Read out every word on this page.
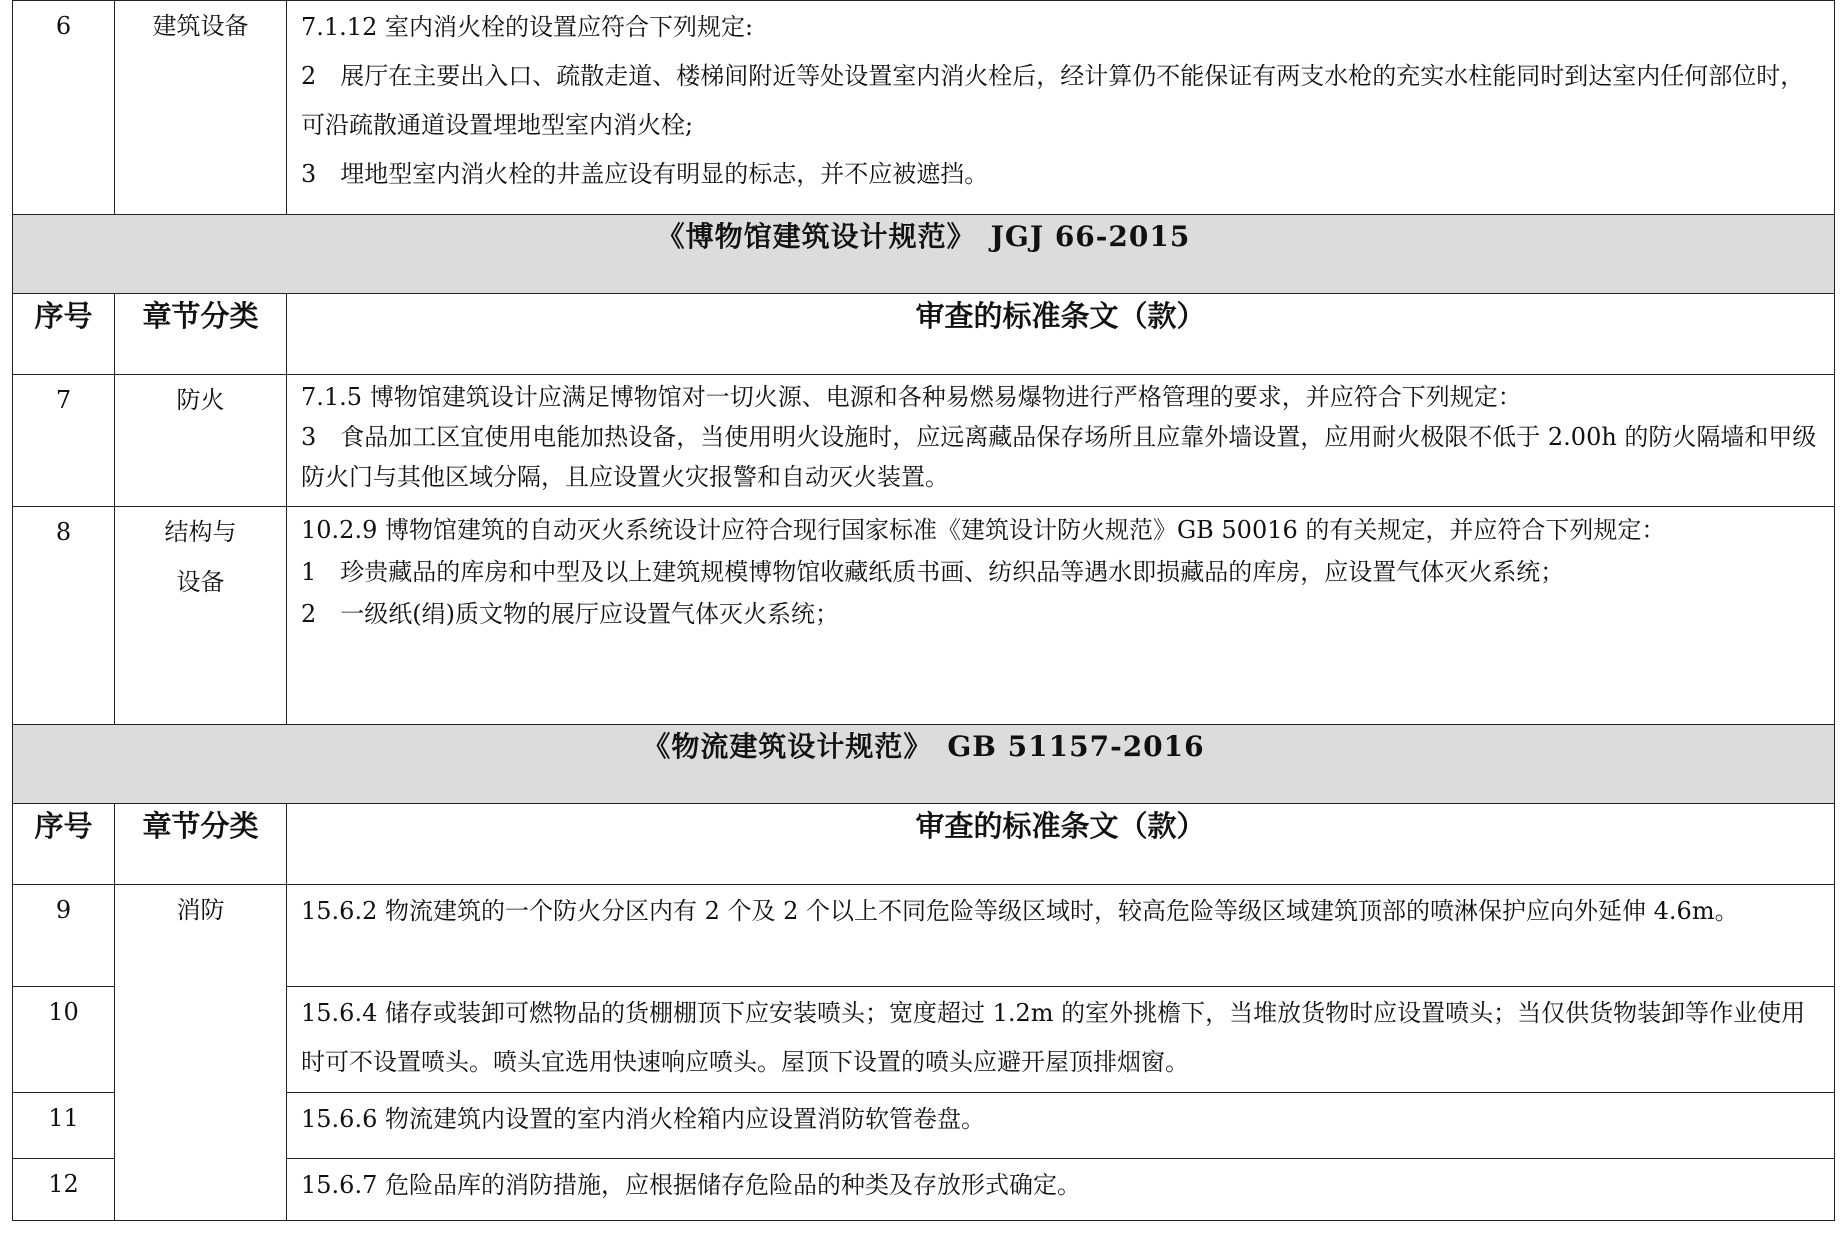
6	建筑设备	7.1.12 室内消火栓的设置应符合下列规定:
2　展厅在主要出入口、疏散走道、楼梯间附近等处设置室内消火栓后，经计算仍不能保证有两支水枪的充实水柱能同时到达室内任何部位时，可沿疏散通道设置埋地型室内消火栓;
3　埋地型室内消火栓的井盖应设有明显的标志，并不应被遮挡。

《博物馆建筑设计规范》　JGJ 66-2015		
序号	章节分类	审查的标准条文（款）
7	防火	7.1.5 博物馆建筑设计应满足博物馆对一切火源、电源和各种易燃易爆物进行严格管理的要求，并应符合下列规定：
3　食品加工区宜使用电能加热设备，当使用明火设施时，应远离藏品保存场所且应靠外墙设置，应用耐火极限不低于 2.00h 的防火隔墙和甲级防火门与其他区域分隔，且应设置火灾报警和自动灭火装置。

8	结构与
设备	10.2.9 博物馆建筑的自动灭火系统设计应符合现行国家标准《建筑设计防火规范》GB 50016 的有关规定，并应符合下列规定：
1　珍贵藏品的库房和中型及以上建筑规模博物馆收藏纸质书画、纺织品等遇水即损藏品的库房，应设置气体灭火系统；
2　一级纸(绢)质文物的展厅应设置气体灭火系统；

《物流建筑设计规范》　GB 51157-2016		
序号	章节分类	审查的标准条文（款）
9	消防	15.6.2 物流建筑的一个防火分区内有 2 个及 2 个以上不同危险等级区域时，较高危险等级区域建筑顶部的喷淋保护应向外延伸 4.6m。
10		15.6.4 储存或装卸可燃物品的货棚棚顶下应安装喷头；宽度超过 1.2m 的室外挑檐下，当堆放货物时应设置喷头；当仅供货物装卸等作业使用时可不设置喷头。喷头宜选用快速响应喷头。屋顶下设置的喷头应避开屋顶排烟窗。
11		15.6.6 物流建筑内设置的室内消火栓箱内应设置消防软管卷盘。
12		15.6.7 危险品库的消防措施，应根据储存危险品的种类及存放形式确定。
